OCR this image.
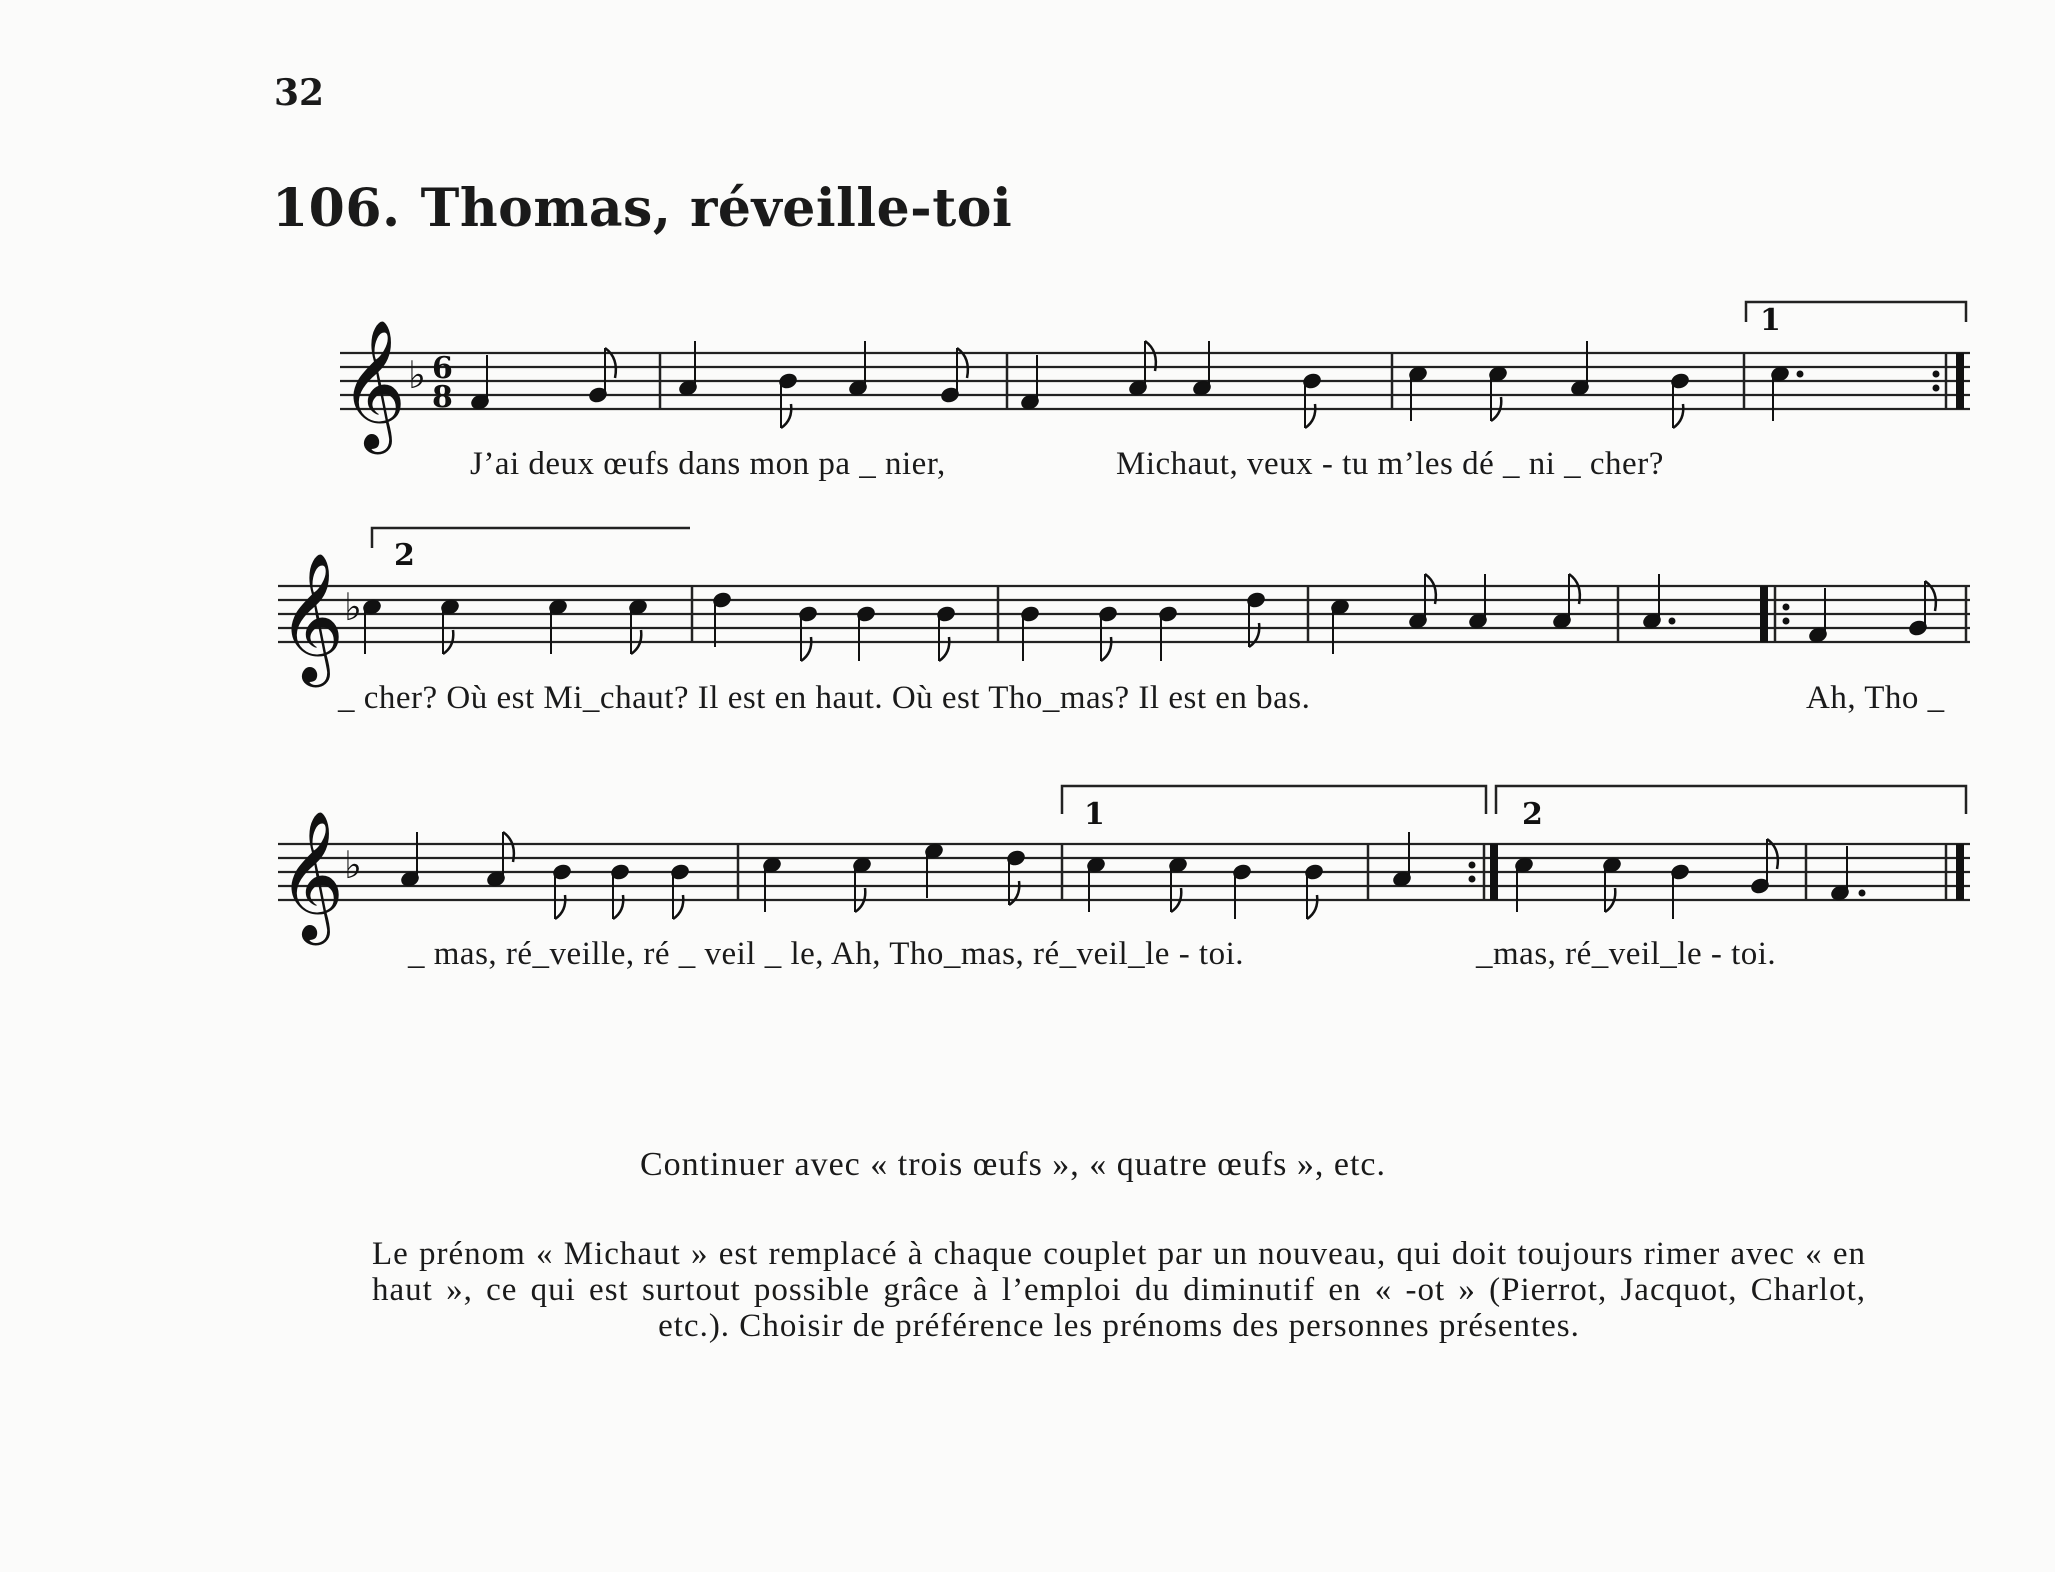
32
106. Thomas, réveille-toi
𝄞 ♭ 6
8
1
𝄞 ♭
2
𝄞 ♭
1	2
J’ai deux œufs dans mon pa _ nier,	Michaut, veux - tu m’les dé _ ni _ cher?
_ cher? Où est Mi_chaut? Il est en haut. Où est Tho_mas? Il est en bas.	Ah, Tho _
_ mas, ré_veille, ré _ veil _ le, Ah, Tho_mas, ré_veil_le - toi.	_mas, ré_veil_le - toi.
Continuer avec « trois œufs », « quatre œufs », etc.
Le prénom « Michaut » est remplacé à chaque couplet par un nouveau, qui doit toujours rimer avec « en haut », ce qui est surtout possible grâce à l’emploi du diminutif en « -ot » (Pierrot, Jacquot, Charlot, etc.). Choisir de préférence les prénoms des personnes présentes.
